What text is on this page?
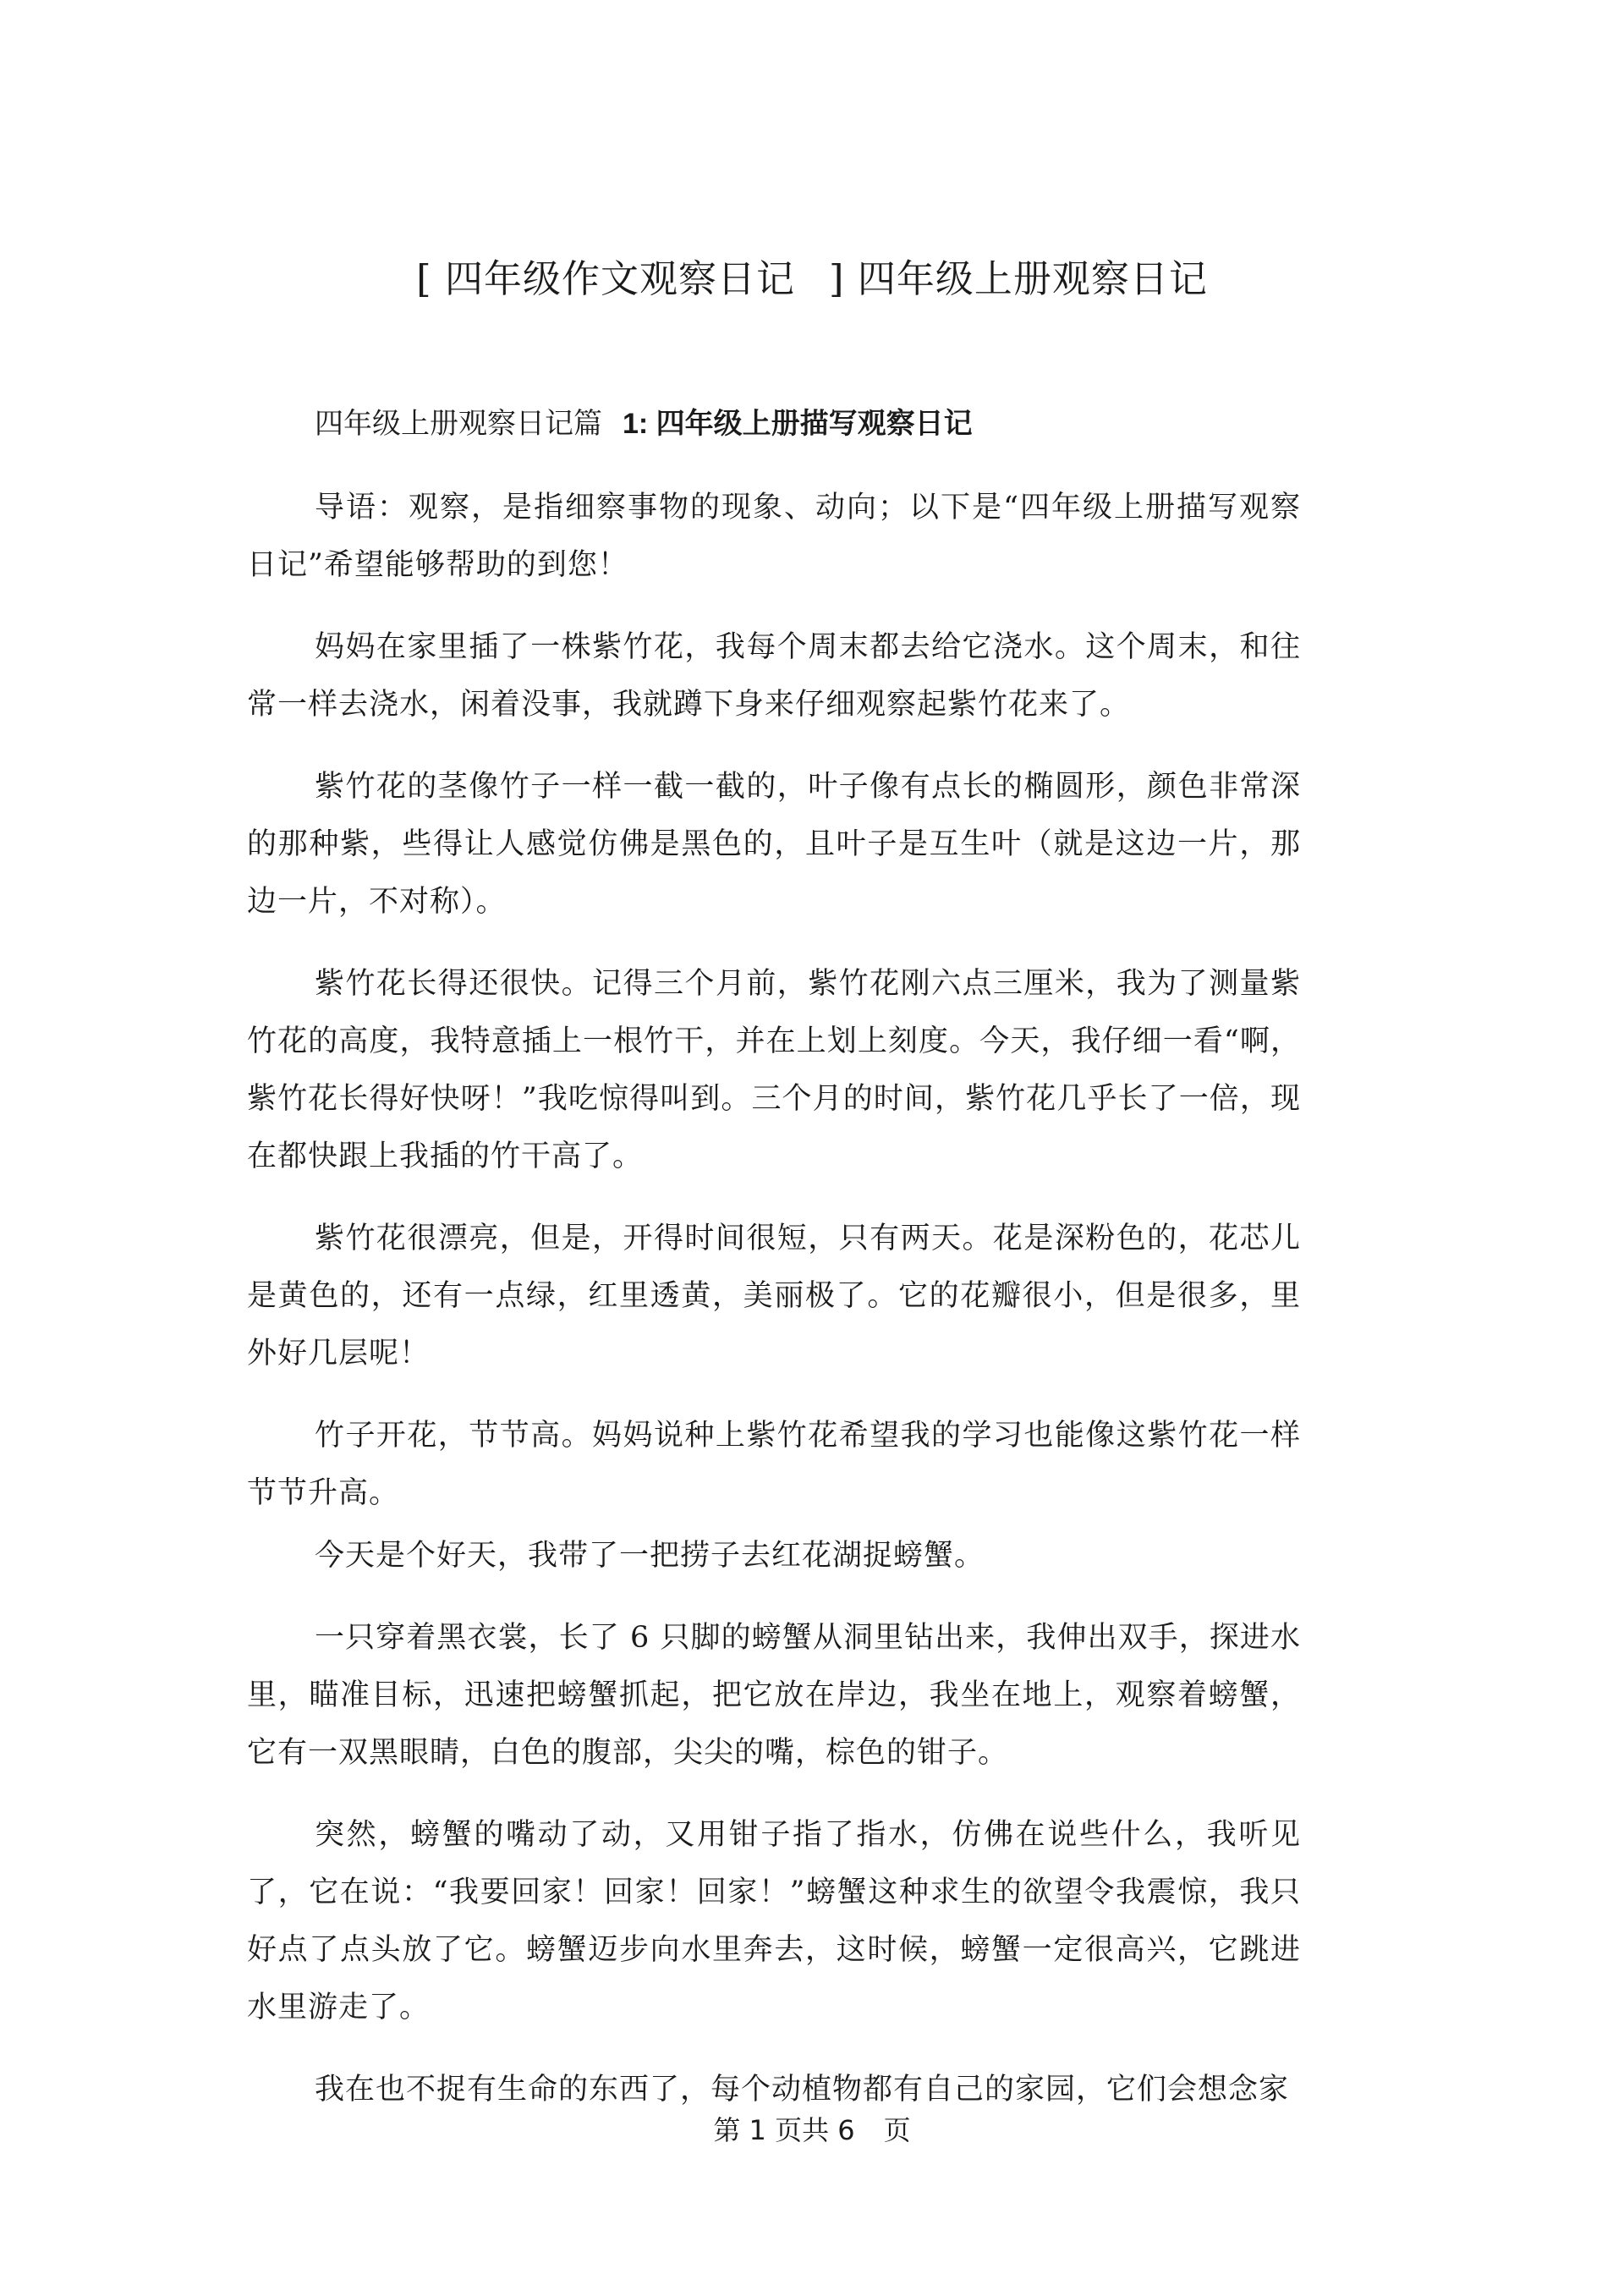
[ 四年级作文观察日记 ] 四年级上册观察日记
四年级上册观察日记篇 1: 四年级上册描写观察日记

导语：观察，是指细察事物的现象、动向；以下是“四年级上册描写观察日记”希望能够帮助的到您！

妈妈在家里插了一株紫竹花，我每个周末都去给它浇水。这个周末，和往常一样去浇水，闲着没事，我就蹲下身来仔细观察起紫竹花来了。

紫竹花的茎像竹子一样一截一截的，叶子像有点长的椭圆形，颜色非常深的那种紫，些得让人感觉仿佛是黑色的，且叶子是互生叶（就是这边一片，那边一片，不对称）。

紫竹花长得还很快。记得三个月前，紫竹花刚六点三厘米，我为了测量紫竹花的高度，我特意插上一根竹干，并在上划上刻度。今天，我仔细一看“啊，紫竹花长得好快呀！”我吃惊得叫到。三个月的时间，紫竹花几乎长了一倍，现在都快跟上我插的竹干高了。

紫竹花很漂亮，但是，开得时间很短，只有两天。花是深粉色的，花芯儿是黄色的，还有一点绿，红里透黄，美丽极了。它的花瓣很小，但是很多，里外好几层呢！

竹子开花，节节高。妈妈说种上紫竹花希望我的学习也能像这紫竹花一样节节升高。

今天是个好天，我带了一把捞子去红花湖捉螃蟹。

一只穿着黑衣裳，长了 6 只脚的螃蟹从洞里钻出来，我伸出双手，探进水里，瞄准目标，迅速把螃蟹抓起，把它放在岸边，我坐在地上，观察着螃蟹，它有一双黑眼睛，白色的腹部，尖尖的嘴，棕色的钳子。

突然，螃蟹的嘴动了动，又用钳子指了指水，仿佛在说些什么，我听见了，它在说：“我要回家！回家！回家！”螃蟹这种求生的欲望令我震惊，我只好点了点头放了它。螃蟹迈步向水里奔去，这时候，螃蟹一定很高兴，它跳进水里游走了。

我在也不捉有生命的东西了，每个动植物都有自己的家园，它们会想念家

第 1 页共 6 页
